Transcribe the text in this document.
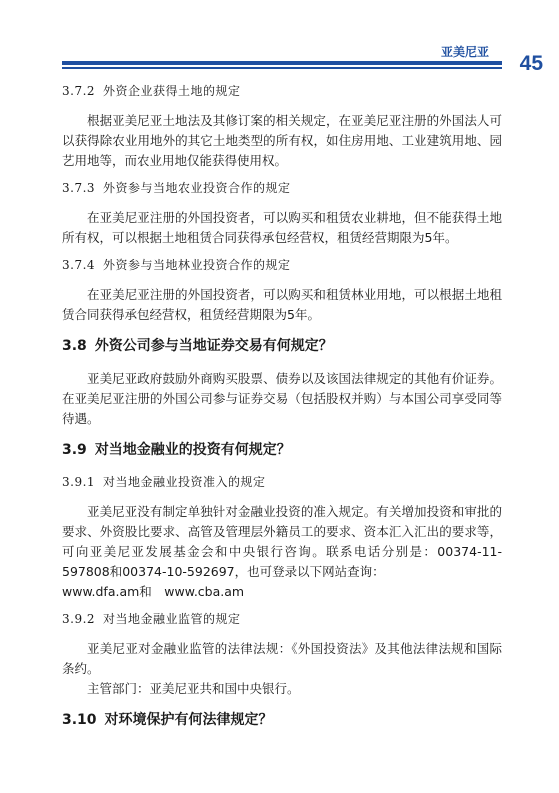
亚美尼亚 45
3.7.2 外资企业获得土地的规定

根据亚美尼亚土地法及其修订案的相关规定，在亚美尼亚注册的外国法人可以获得除农业用地外的其它土地类型的所有权，如住房用地、工业建筑用地、园艺用地等，而农业用地仅能获得使用权。

3.7.3 外资参与当地农业投资合作的规定

在亚美尼亚注册的外国投资者，可以购买和租赁农业耕地，但不能获得土地所有权，可以根据土地租赁合同获得承包经营权，租赁经营期限为5年。

3.7.4 外资参与当地林业投资合作的规定

在亚美尼亚注册的外国投资者，可以购买和租赁林业用地，可以根据土地租赁合同获得承包经营权，租赁经营期限为5年。

3.8 外资公司参与当地证券交易有何规定？

亚美尼亚政府鼓励外商购买股票、债券以及该国法律规定的其他有价证券。在亚美尼亚注册的外国公司参与证券交易（包括股权并购）与本国公司享受同等待遇。

3.9 对当地金融业的投资有何规定？
3.9.1 对当地金融业投资准入的规定

亚美尼亚没有制定单独针对金融业投资的准入规定。有关增加投资和审批的要求、外资股比要求、高管及管理层外籍员工的要求、资本汇入汇出的要求等，可向亚美尼亚发展基金会和中央银行咨询。联系电话分别是：00374-11-597808和00374-10-592697，也可登录以下网站查询：
www.dfa.am和　www.cba.am

3.9.2 对当地金融业监管的规定

亚美尼亚对金融业监管的法律法规：《外国投资法》及其他法律法规和国际条约。

主管部门：亚美尼亚共和国中央银行。

3.10 对环境保护有何法律规定？
